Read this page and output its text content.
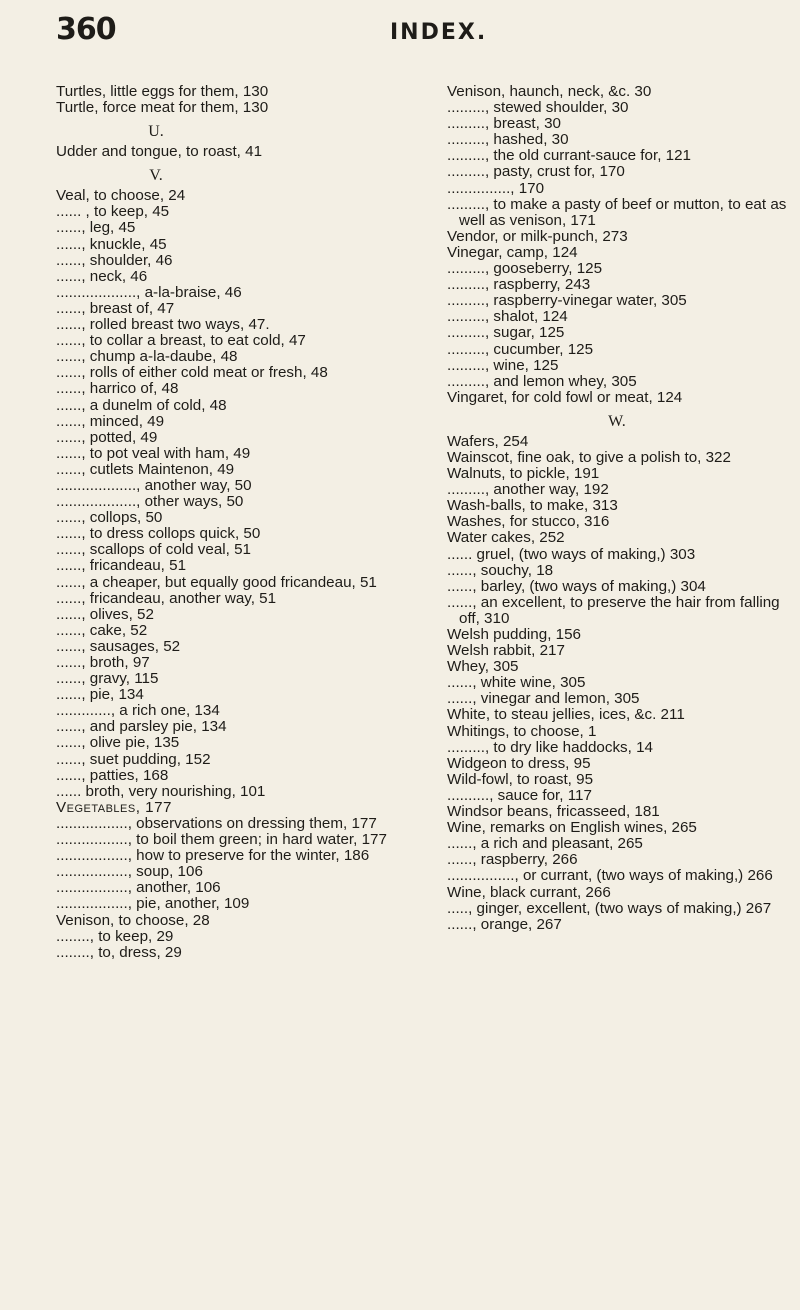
360	INDEX.
Turtles, little eggs for them, 130
Turtle, force meat for them, 130
U.
Udder and tongue, to roast, 41
V.
Veal, to choose, 24
...... , to keep, 45
......, leg, 45
......, knuckle, 45
......, shoulder, 46
......, neck, 46
..................., a-la-braise, 46
......, breast of, 47
......, rolled breast two ways, 47.
......, to collar a breast, to eat cold, 47
......, chump a-la-daube, 48
......, rolls of either cold meat or fresh, 48
......, harrico of, 48
......, a dunelm of cold, 48
......, minced, 49
......, potted, 49
......, to pot veal with ham, 49
......, cutlets Maintenon, 49
..................., another way, 50
..................., other ways, 50
......, collops, 50
......, to dress collops quick, 50
......, scallops of cold veal, 51
......, fricandeau, 51
......, a cheaper, but equally good fricandeau, 51
......, fricandeau, another way, 51
......, olives, 52
......, cake, 52
......, sausages, 52
......, broth, 97
......, gravy, 115
......, pie, 134
............., a rich one, 134
......, and parsley pie, 134
......, olive pie, 135
......, suet pudding, 152
......, patties, 168
...... broth, very nourishing, 101
Vegetables, 177
................., observations on dressing them, 177
................., to boil them green; in hard water, 177
................., how to preserve for the winter, 186
................., soup, 106
................., another, 106
................., pie, another, 109
Venison, to choose, 28
........, to keep, 29
........, to, dress, 29
Venison, haunch, neck, &c. 30
........., stewed shoulder, 30
........., breast, 30
........., hashed, 30
........., the old currant-sauce for, 121
........., pasty, crust for, 170
..............., 170
........., to make a pasty of beef or mutton, to eat as well as venison, 171
Vendor, or milk-punch, 273
Vinegar, camp, 124
........., gooseberry, 125
........., raspberry, 243
........., raspberry-vinegar water, 305
........., shalot, 124
........., sugar, 125
........., cucumber, 125
........., wine, 125
........., and lemon whey, 305
Vingaret, for cold fowl or meat, 124
W.
Wafers, 254
Wainscot, fine oak, to give a polish to, 322
Walnuts, to pickle, 191
........., another way, 192
Wash-balls, to make, 313
Washes, for stucco, 316
Water cakes, 252
...... gruel, (two ways of making,) 303
......, souchy, 18
......, barley, (two ways of making,) 304
......, an excellent, to preserve the hair from falling off, 310
Welsh pudding, 156
Welsh rabbit, 217
Whey, 305
......, white wine, 305
......, vinegar and lemon, 305
White, to steau jellies, ices, &c. 211
Whitings, to choose, 1
........., to dry like haddocks, 14
Widgeon to dress, 95
Wild-fowl, to roast, 95
.........., sauce for, 117
Windsor beans, fricasseed, 181
Wine, remarks on English wines, 265
......, a rich and pleasant, 265
......, raspberry, 266
................, or currant, (two ways of making,) 266
Wine, black currant, 266
....., ginger, excellent, (two ways of making,) 267
......, orange, 267
